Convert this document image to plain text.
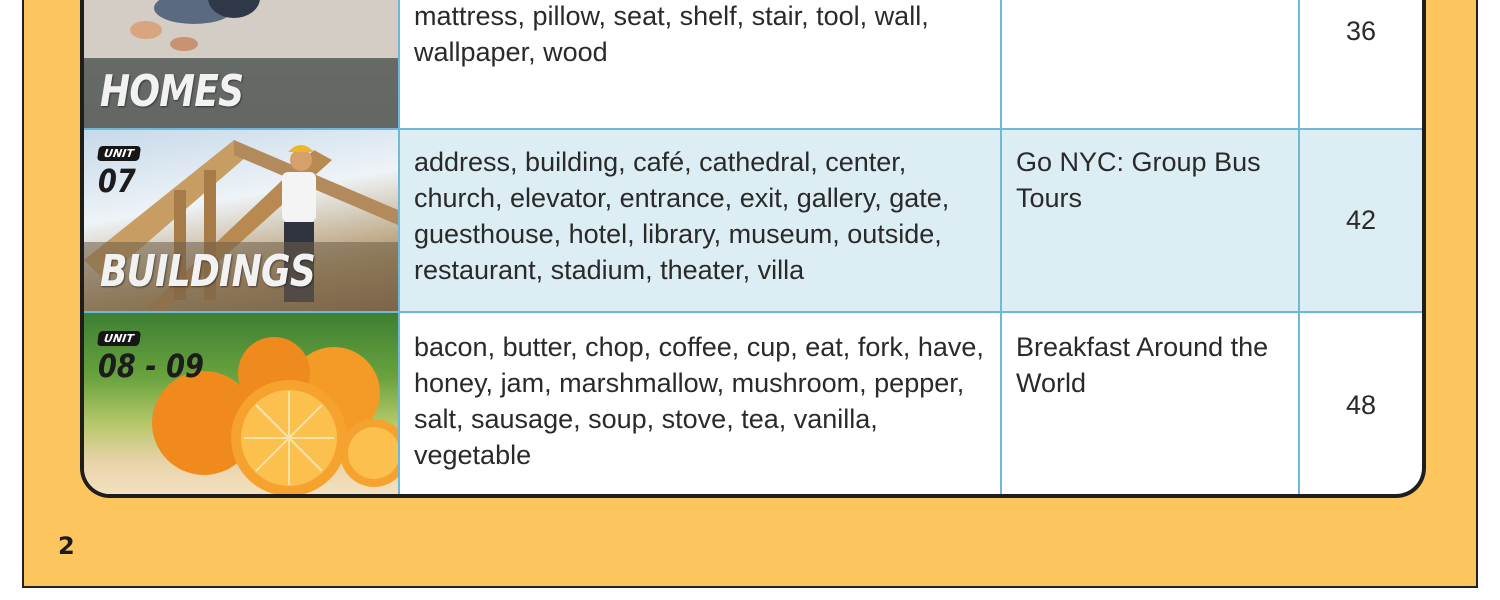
HOMES
mattress, pillow, seat, shelf, stair, tool, wall, wallpaper, wood
36
UNIT
07
BUILDINGS
address, building, café, cathedral, center, church, elevator, entrance, exit, gallery, gate, guesthouse, hotel, library, museum, outside, restaurant, stadium, theater, villa
Go NYC: Group Bus Tours
42
UNIT
08 - 09	bacon, butter, chop, coffee, cup, eat, fork, have, honey, jam, marshmallow, mushroom, pepper, salt, sausage, soup, stove, tea, vanilla, vegetable
Breakfast Around the World
48
2
